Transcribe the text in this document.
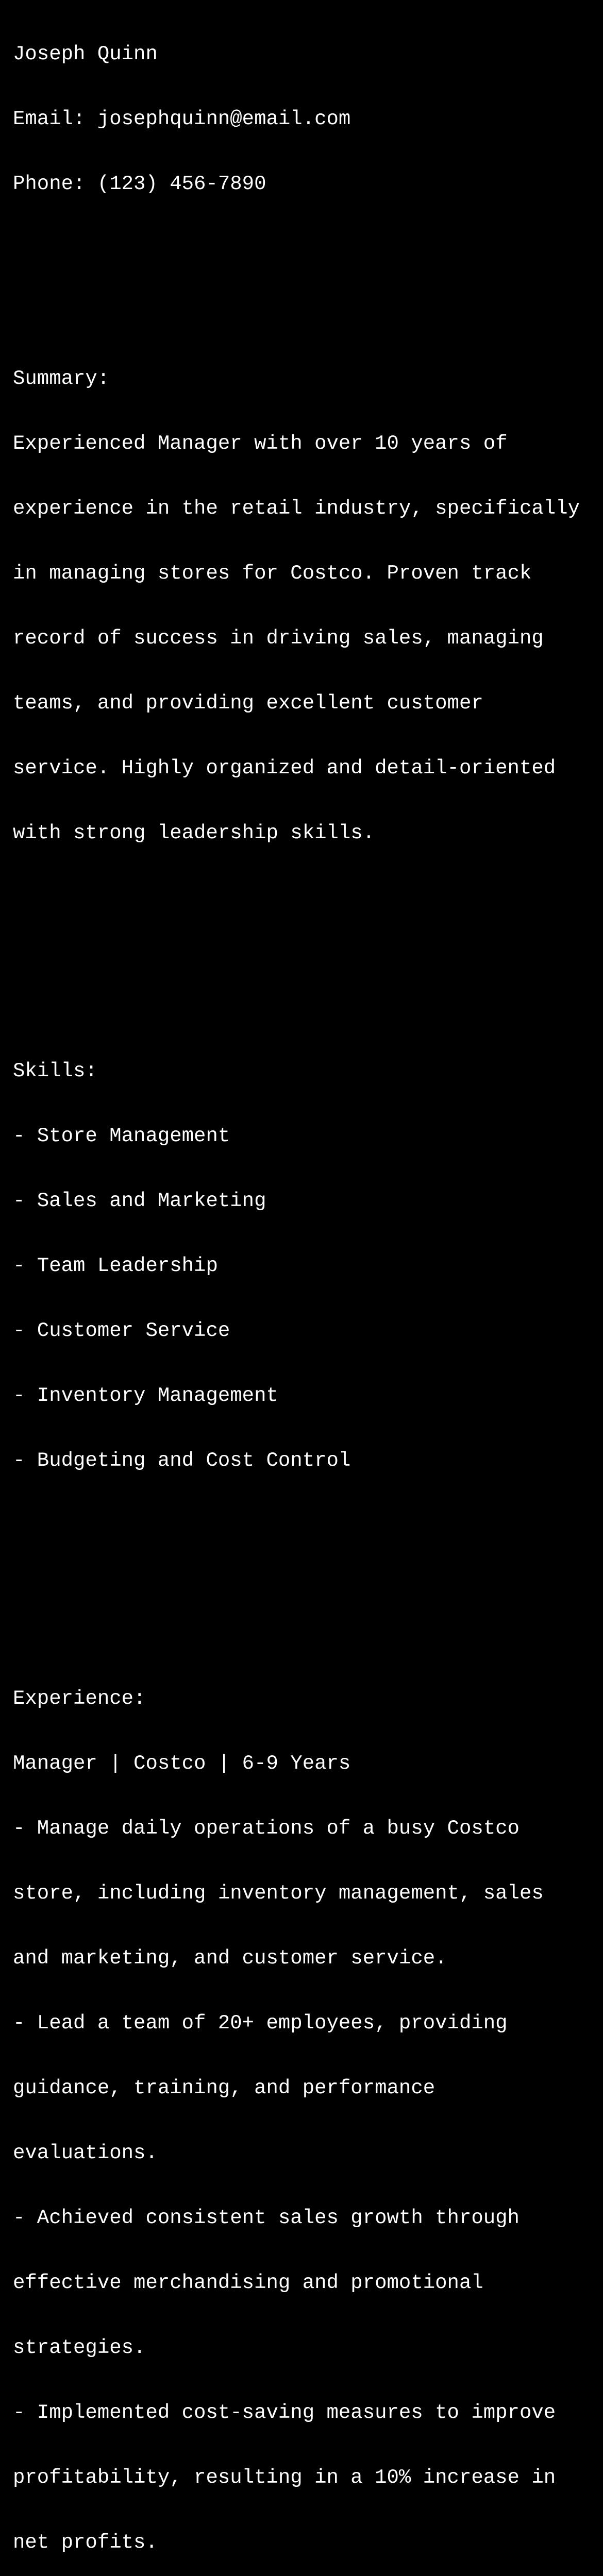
Joseph Quinn

Email: josephquinn@email.com

Phone: (123) 456-7890

Summary:

Experienced Manager with over 10 years of

experience in the retail industry, specifically

in managing stores for Costco. Proven track

record of success in driving sales, managing

teams, and providing excellent customer

service. Highly organized and detail-oriented

with strong leadership skills.

Skills:

- Store Management

- Sales and Marketing

- Team Leadership

- Customer Service

- Inventory Management

- Budgeting and Cost Control

Experience:

Manager | Costco | 6-9 Years

- Manage daily operations of a busy Costco

store, including inventory management, sales

and marketing, and customer service.

- Lead a team of 20+ employees, providing

guidance, training, and performance

evaluations.

- Achieved consistent sales growth through

effective merchandising and promotional

strategies.

- Implemented cost-saving measures to improve

profitability, resulting in a 10% increase in

net profits.
